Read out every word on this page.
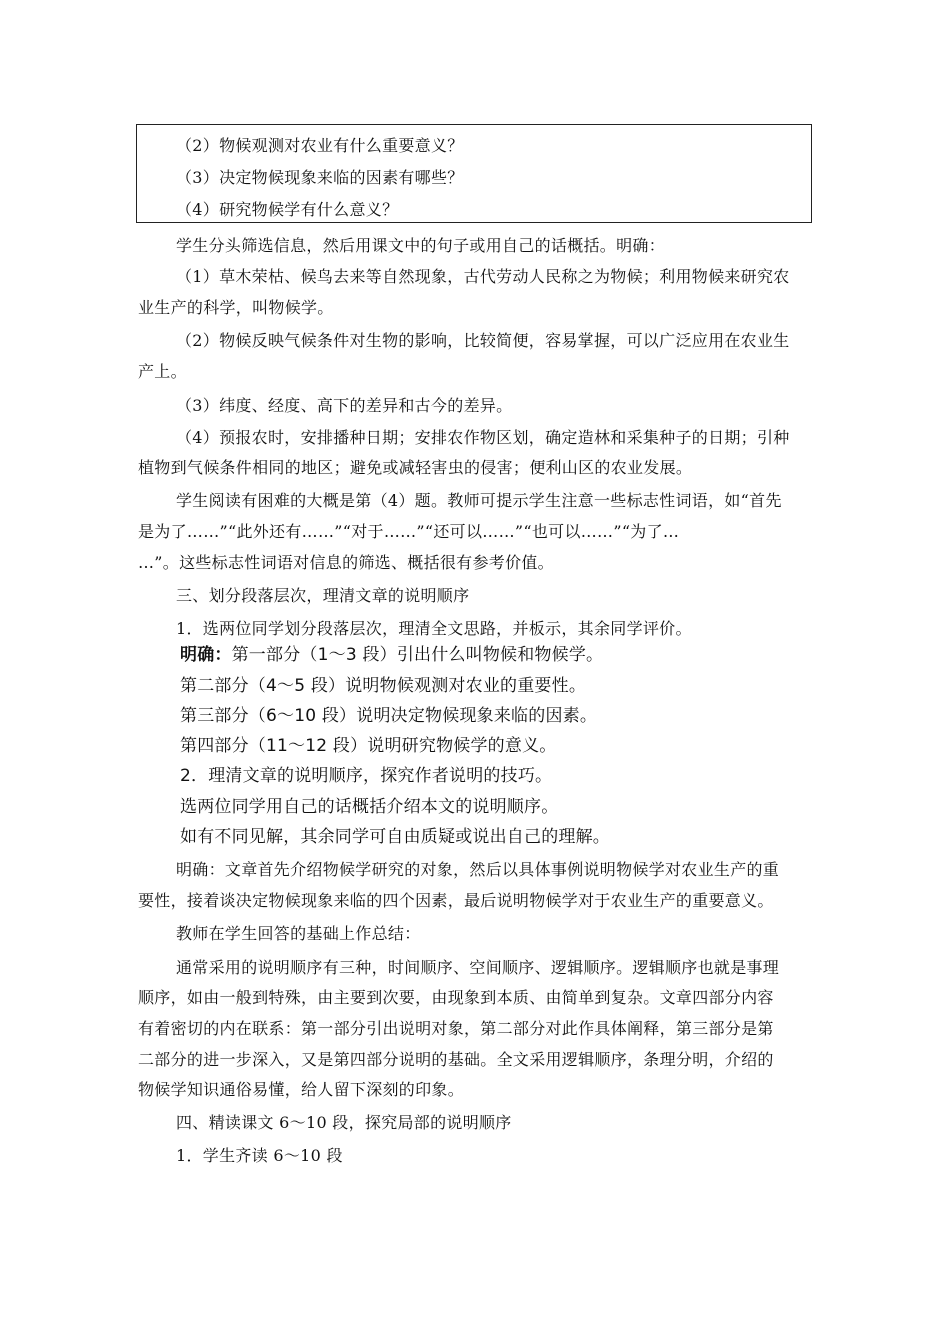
（2）物候观测对农业有什么重要意义？
（3）决定物候现象来临的因素有哪些？
（4）研究物候学有什么意义？
学生分头筛选信息，然后用课文中的句子或用自己的话概括。明确：
（1）草木荣枯、候鸟去来等自然现象，古代劳动人民称之为物候；利用物候来研究农
业生产的科学，叫物候学。
（2）物候反映气候条件对生物的影响，比较简便，容易掌握，可以广泛应用在农业生
产上。
（3）纬度、经度、高下的差异和古今的差异。
（4）预报农时，安排播种日期；安排农作物区划，确定造林和采集种子的日期；引种
植物到气候条件相同的地区；避免或减轻害虫的侵害；便利山区的农业发展。
学生阅读有困难的大概是第（4）题。教师可提示学生注意一些标志性词语，如“首先
是为了……”“此外还有……”“对于……”“还可以……”“也可以……”“为了…
…”。这些标志性词语对信息的筛选、概括很有参考价值。
三、划分段落层次，理清文章的说明顺序
1．选两位同学划分段落层次，理清全文思路，并板示，其余同学评价。
明确：第一部分（1～3 段）引出什么叫物候和物候学。
第二部分（4～5 段）说明物候观测对农业的重要性。
第三部分（6～10 段）说明决定物候现象来临的因素。
第四部分（11～12 段）说明研究物候学的意义。
2．理清文章的说明顺序，探究作者说明的技巧。
选两位同学用自己的话概括介绍本文的说明顺序。
如有不同见解，其余同学可自由质疑或说出自己的理解。
明确：文章首先介绍物候学研究的对象，然后以具体事例说明物候学对农业生产的重
要性，接着谈决定物候现象来临的四个因素，最后说明物候学对于农业生产的重要意义。
教师在学生回答的基础上作总结：
通常采用的说明顺序有三种，时间顺序、空间顺序、逻辑顺序。逻辑顺序也就是事理
顺序，如由一般到特殊，由主要到次要，由现象到本质、由简单到复杂。文章四部分内容
有着密切的内在联系：第一部分引出说明对象，第二部分对此作具体阐释，第三部分是第
二部分的进一步深入，又是第四部分说明的基础。全文采用逻辑顺序，条理分明，介绍的
物候学知识通俗易懂，给人留下深刻的印象。
四、精读课文 6～10 段，探究局部的说明顺序
1．学生齐读 6～10 段
